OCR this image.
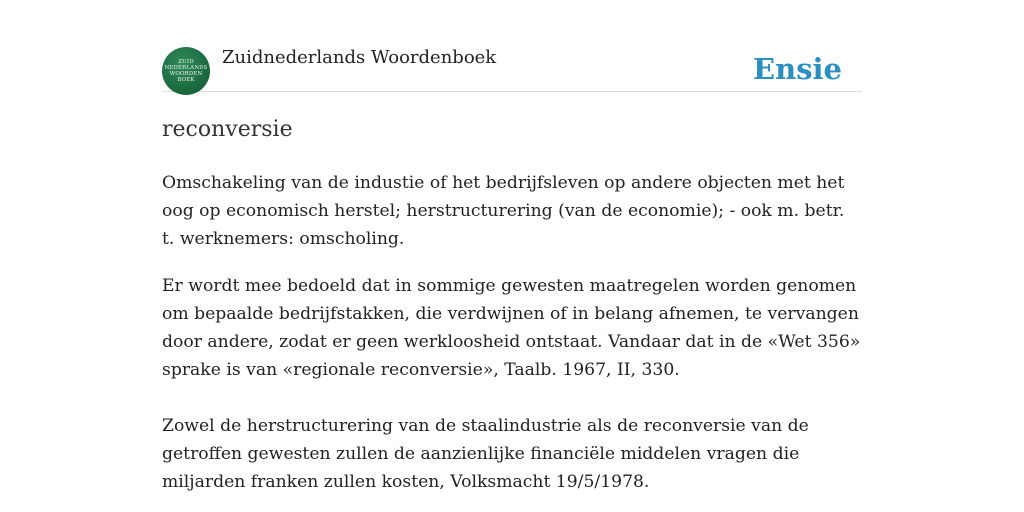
ZUID
NEDERLANDS
WOORDEN
BOEK
Zuidnederlands Woordenboek	Ensie
reconversie

Omschakeling van de industie of het bedrijfsleven op andere objecten met het oog op economisch herstel; herstructurering (van de economie); - ook m. betr. t. werknemers: omscholing.

Er wordt mee bedoeld dat in sommige gewesten maatregelen worden genomen om bepaalde bedrijfstakken, die verdwijnen of in belang afnemen, te vervangen door andere, zodat er geen werkloosheid ontstaat. Vandaar dat in de «Wet 356» sprake is van «regionale reconversie», Taalb. 1967, II, 330.

Zowel de herstructurering van de staalindustrie als de reconversie van de getroffen gewesten zullen de aanzienlijke financiële middelen vragen die miljarden franken zullen kosten, Volksmacht 19/5/1978.
